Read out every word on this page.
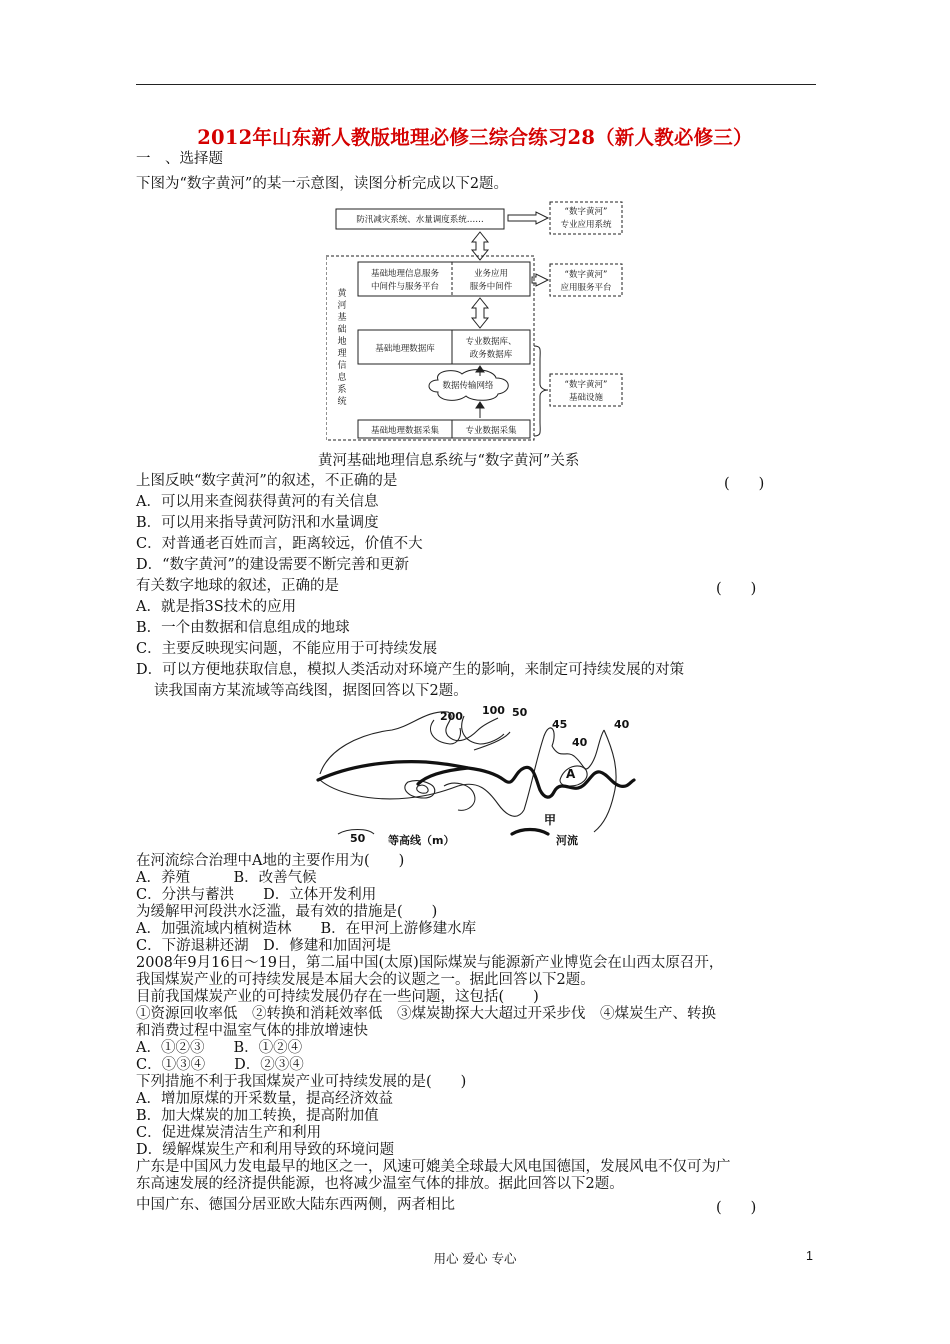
2012年山东新人教版地理必修三综合练习28（新人教必修三）
一　、选择题
下图为“数字黄河”的某一示意图，读图分析完成以下2题。
防汛减灾系统、水量调度系统……
“数字黄河”
专业应用系统
基础地理信息服务
中间件与服务平台
业务应用
服务中间件
“数字黄河”
应用服务平台
基础地理数据库
专业数据库、
政务数据库
数据传输网络	“数字黄河”
基础设施
基础地理数据采集	专业数据采集
黄
河
基
础
地
理
信
息
系
统
黄河基础地理信息系统与“数字黄河”关系
上图反映“数字黄河”的叙述，不正确的是	(　　)
A．可以用来查阅获得黄河的有关信息
B．可以用来指导黄河防汛和水量调度
C．对普通老百姓而言，距离较远，价值不大
D．“数字黄河”的建设需要不断完善和更新
有关数字地球的叙述，正确的是	(　　)
A．就是指3S技术的应用
B．一个由数据和信息组成的地球
C．主要反映现实问题，不能应用于可持续发展
D．可以方便地获取信息，模拟人类活动对环境产生的影响，来制定可持续发展的对策
读我国南方某流域等高线图，据图回答以下2题。
200 100 50
45	40
40
A
甲
50 等高线（m）	河流
在河流综合治理中A地的主要作用为(　　)
A．养殖　　　B．改善气候
C．分洪与蓄洪　　D．立体开发利用
为缓解甲河段洪水泛滥，最有效的措施是(　　)
A．加强流域内植树造林　　B．在甲河上游修建水库
C．下游退耕还湖　D．修建和加固河堤
2008年9月16日～19日，第二届中国(太原)国际煤炭与能源新产业博览会在山西太原召开，
我国煤炭产业的可持续发展是本届大会的议题之一。据此回答以下2题。
目前我国煤炭产业的可持续发展仍存在一些问题，这包括(　　)
①资源回收率低　②转换和消耗效率低　③煤炭勘探大大超过开采步伐　④煤炭生产、转换
和消费过程中温室气体的排放增速快
A．①②③　　B．①②④
C．①③④　　D．②③④
下列措施不利于我国煤炭产业可持续发展的是(　　)
A．增加原煤的开采数量，提高经济效益
B．加大煤炭的加工转换，提高附加值
C．促进煤炭清洁生产和利用
D．缓解煤炭生产和利用导致的环境问题
广东是中国风力发电最早的地区之一，风速可媲美全球最大风电国德国，发展风电不仅可为广
东高速发展的经济提供能源，也将减少温室气体的排放。据此回答以下2题。
中国广东、德国分居亚欧大陆东西两侧，两者相比	(　　)
用心 爱心 专心	1
